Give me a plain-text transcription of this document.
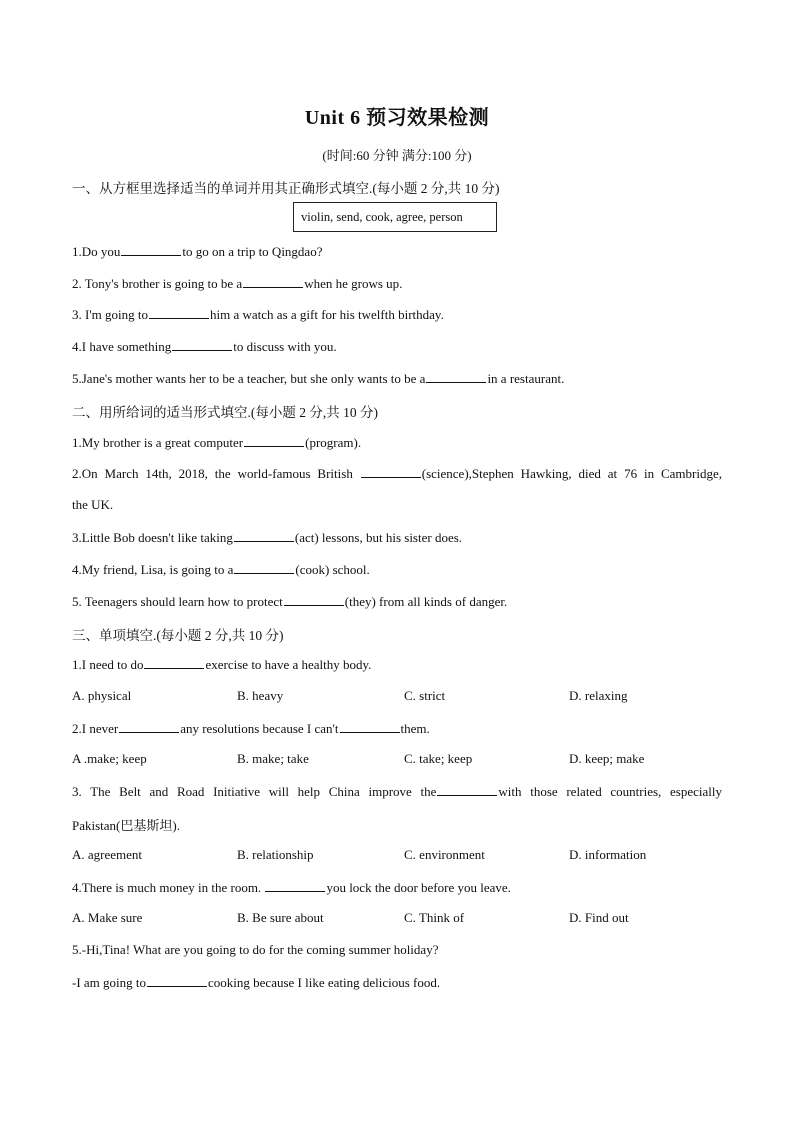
Unit 6 预习效果检测
(时间:60 分钟 满分:100 分)
一、从方框里选择适当的单词并用其正确形式填空.(每小题 2 分,共 10 分)
violin, send, cook, agree, person
1.Do you	to go on a trip to Qingdao?
2. Tony's brother is going to be a	when he grows up.
3. I'm going to	him a watch as a gift for his twelfth birthday.
4.I have something	to discuss with you.
5.Jane's mother wants her to be a teacher, but she only wants to be a	in a restaurant.
二、用所给词的适当形式填空.(每小题 2 分,共 10 分)
1.My brother is a great computer	(program).
2.On March 14th, 2018, the world-famous British	(science),Stephen Hawking, died at 76 in Cambridge,
the UK.
3.Little Bob doesn't like taking	(act) lessons, but his sister does.
4.My friend, Lisa, is going to a	(cook) school.
5. Teenagers should learn how to protect	(they) from all kinds of danger.
三、单项填空.(每小题 2 分,共 10 分)
1.I need to do	exercise to have a healthy body.
A. physical	B. heavy	C. strict	D. relaxing
2.I never	any resolutions because I can't	them.
A .make; keep	B. make; take	C. take; keep	D. keep; make
3. The Belt and Road Initiative will help China improve the	with those related countries, especially
Pakistan(巴基斯坦).
A. agreement	B. relationship	C. environment	D. information
4.There is much money in the room.	you lock the door before you leave.
A. Make sure	B. Be sure about	C. Think of	D. Find out
5.-Hi,Tina! What are you going to do for the coming summer holiday?
-I am going to	cooking because I like eating delicious food.
